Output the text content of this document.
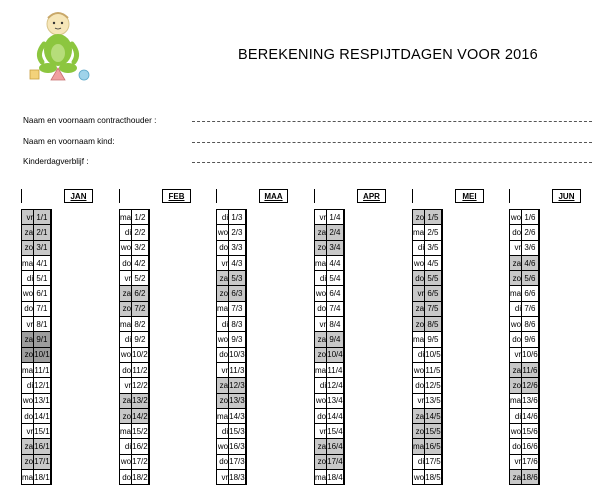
BEREKENING RESPIJTDAGEN VOOR 2016
Naam en voornaam contracthouder :
Naam en voornaam kind:
Kinderdagverblijf :
JAN
vr	1/1	
za	2/1	
zo	3/1	
ma	4/1	
di	5/1	
wo	6/1	
do	7/1	
vr	8/1	
za	9/1	
zo	10/1	
ma	11/1	
di	12/1	
wo	13/1	
do	14/1	
vr	15/1	
za	16/1	
zo	17/1	
ma	18/1	
FEB
ma	1/2	
di	2/2	
wo	3/2	
do	4/2	
vr	5/2	
za	6/2	
zo	7/2	
ma	8/2	
di	9/2	
wo	10/2	
do	11/2	
vr	12/2	
za	13/2	
zo	14/2	
ma	15/2	
di	16/2	
wo	17/2	
do	18/2	
MAA
di	1/3	
wo	2/3	
do	3/3	
vr	4/3	
za	5/3	
zo	6/3	
ma	7/3	
di	8/3	
wo	9/3	
do	10/3	
vr	11/3	
za	12/3	
zo	13/3	
ma	14/3	
di	15/3	
wo	16/3	
do	17/3	
vr	18/3	
APR
vr	1/4	
za	2/4	
zo	3/4	
ma	4/4	
di	5/4	
wo	6/4	
do	7/4	
vr	8/4	
za	9/4	
zo	10/4	
ma	11/4	
di	12/4	
wo	13/4	
do	14/4	
vr	15/4	
za	16/4	
zo	17/4	
ma	18/4	
MEI
zo	1/5	
ma	2/5	
di	3/5	
wo	4/5	
do	5/5	
vr	6/5	
za	7/5	
zo	8/5	
ma	9/5	
di	10/5	
wo	11/5	
do	12/5	
vr	13/5	
za	14/5	
zo	15/5	
ma	16/5	
di	17/5	
wo	18/5	
JUN
wo	1/6	
do	2/6	
vr	3/6	
za	4/6	
zo	5/6	
ma	6/6	
di	7/6	
wo	8/6	
do	9/6	
vr	10/6	
za	11/6	
zo	12/6	
ma	13/6	
di	14/6	
wo	15/6	
do	16/6	
vr	17/6	
za	18/6	
